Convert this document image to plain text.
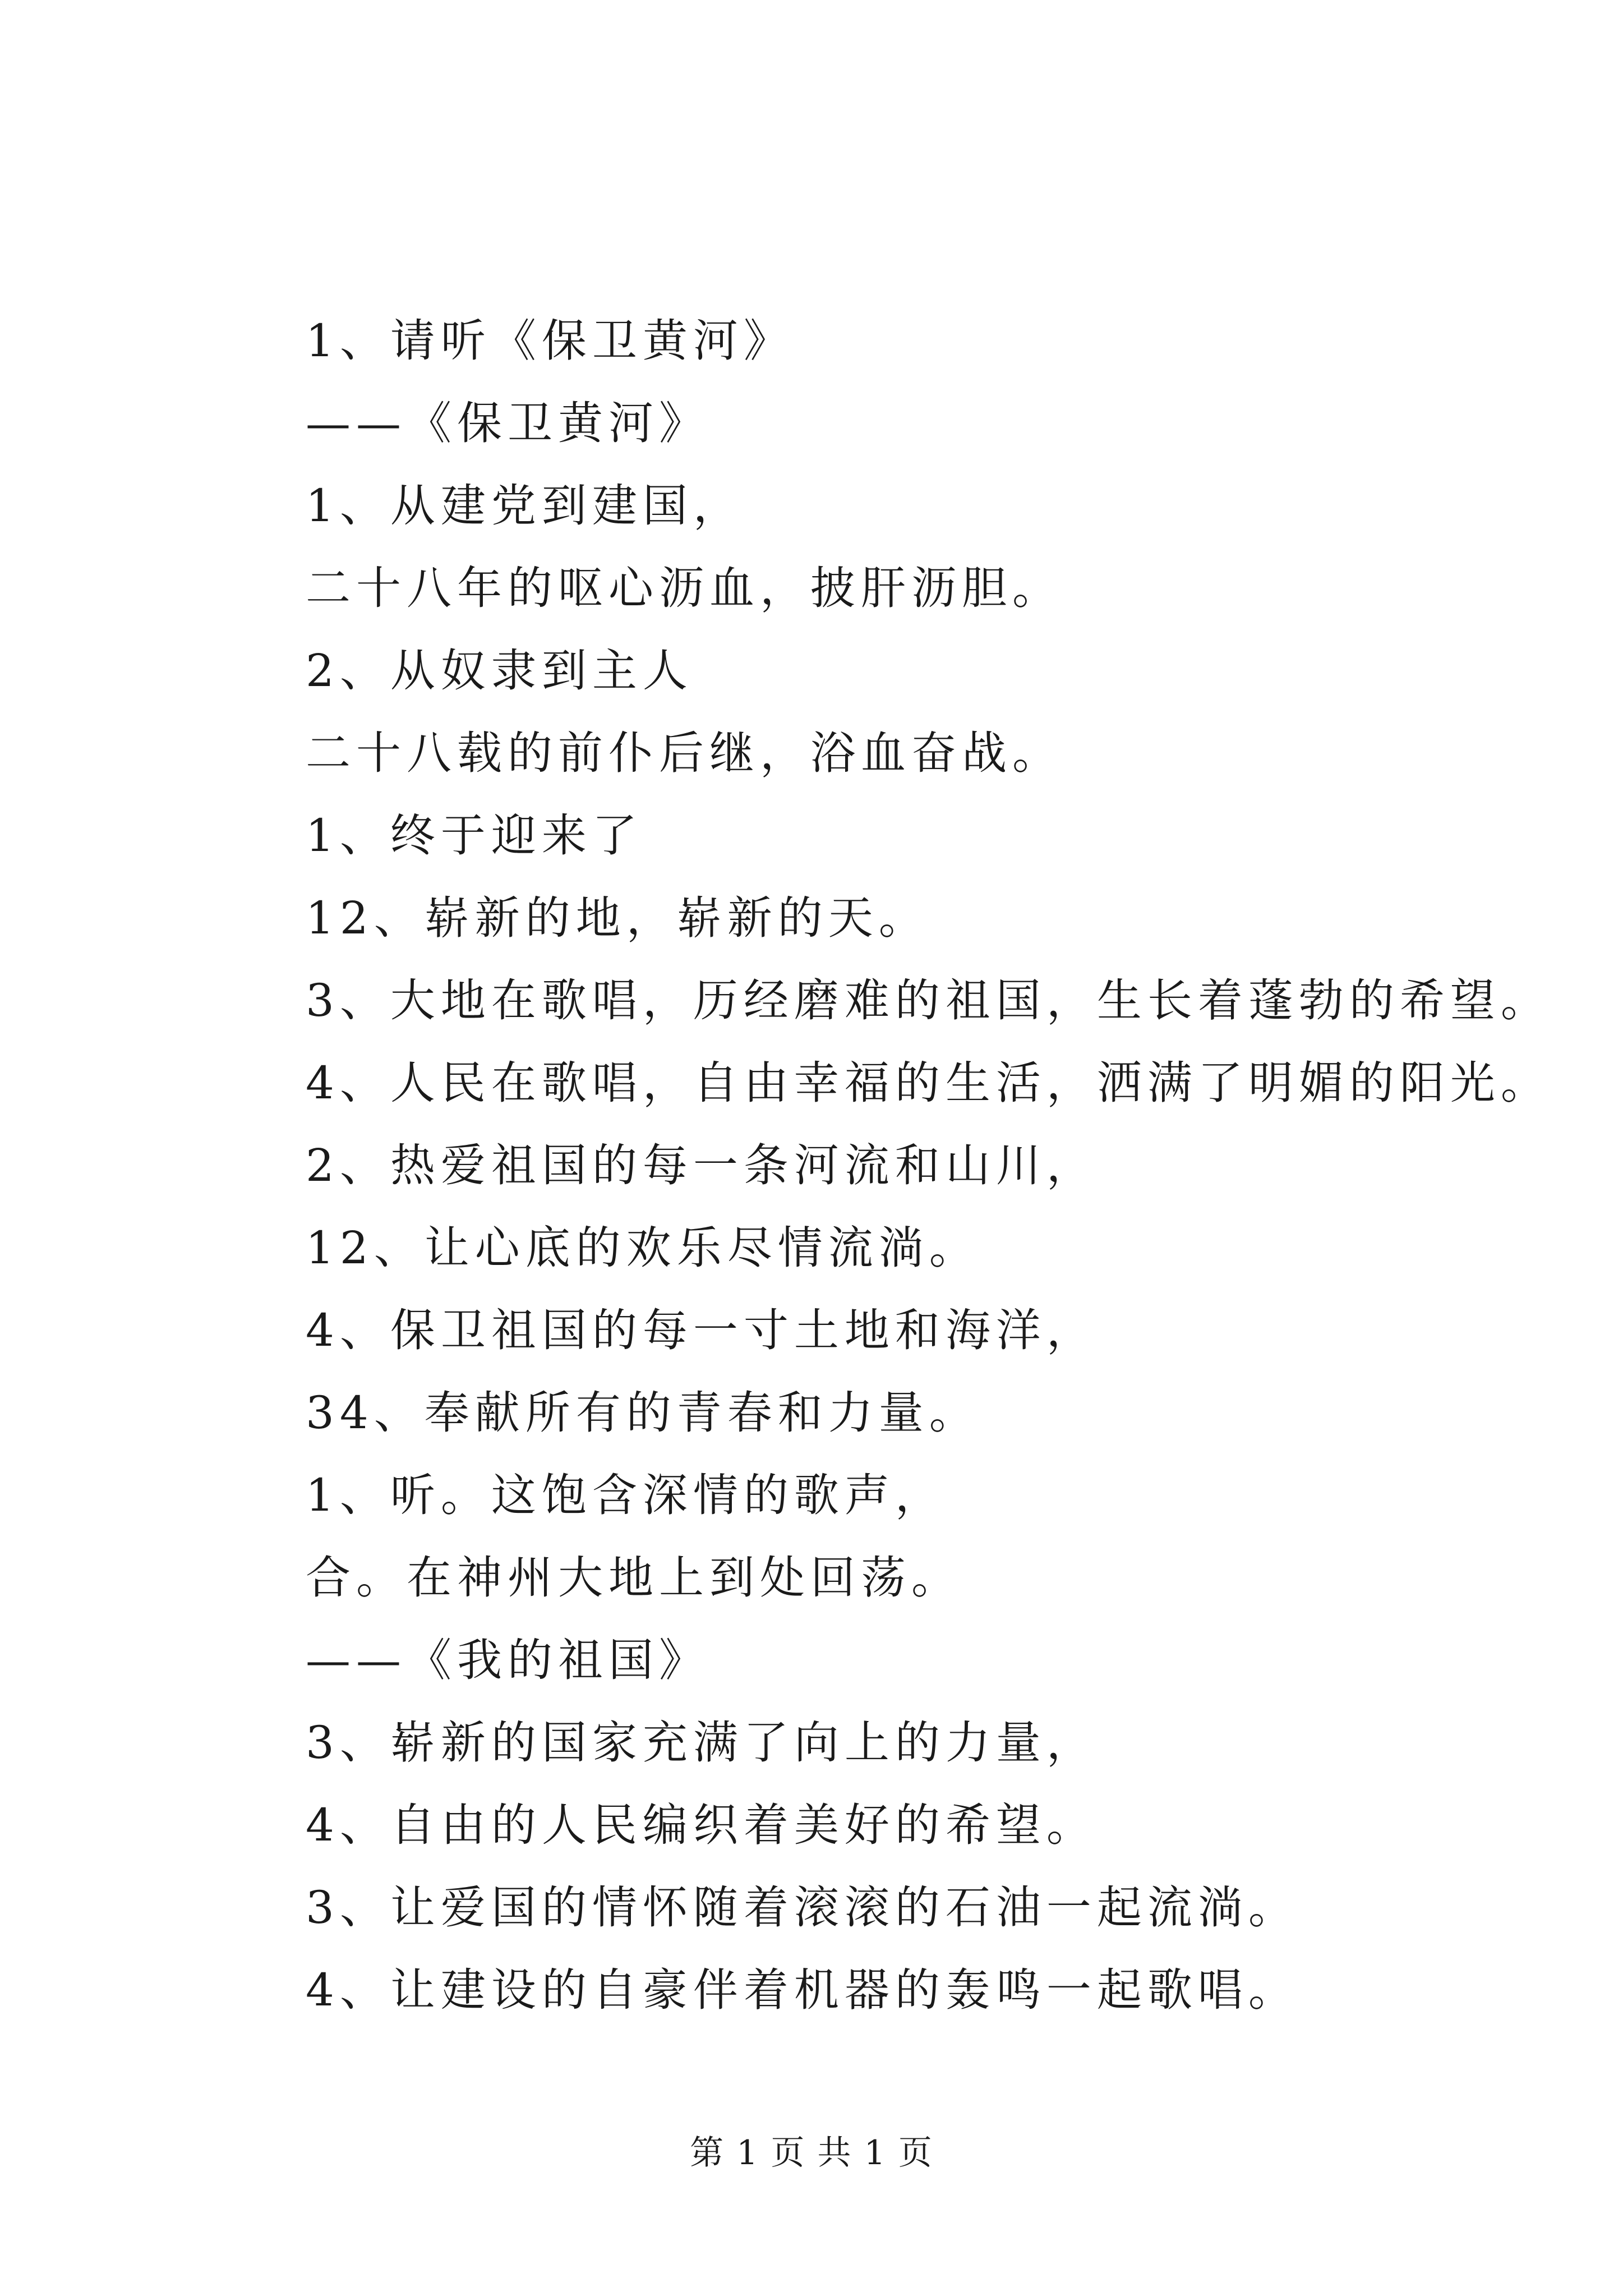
1、请听《保卫黄河》
——《保卫黄河》
1、从建党到建国，
二十八年的呕心沥血，披肝沥胆。
2、从奴隶到主人
二十八载的前仆后继，浴血奋战。
1、终于迎来了
12、崭新的地，崭新的天。
3、大地在歌唱，历经磨难的祖国，生长着蓬勃的希望。
4、人民在歌唱，自由幸福的生活，洒满了明媚的阳光。
2、热爱祖国的每一条河流和山川，
12、让心底的欢乐尽情流淌。
4、保卫祖国的每一寸土地和海洋，
34、奉献所有的青春和力量。
1、听。这饱含深情的歌声，
合。在神州大地上到处回荡。
——《我的祖国》
3、崭新的国家充满了向上的力量，
4、自由的人民编织着美好的希望。
3、让爱国的情怀随着滚滚的石油一起流淌。
4、让建设的自豪伴着机器的轰鸣一起歌唱。
第 1 页 共 1 页
